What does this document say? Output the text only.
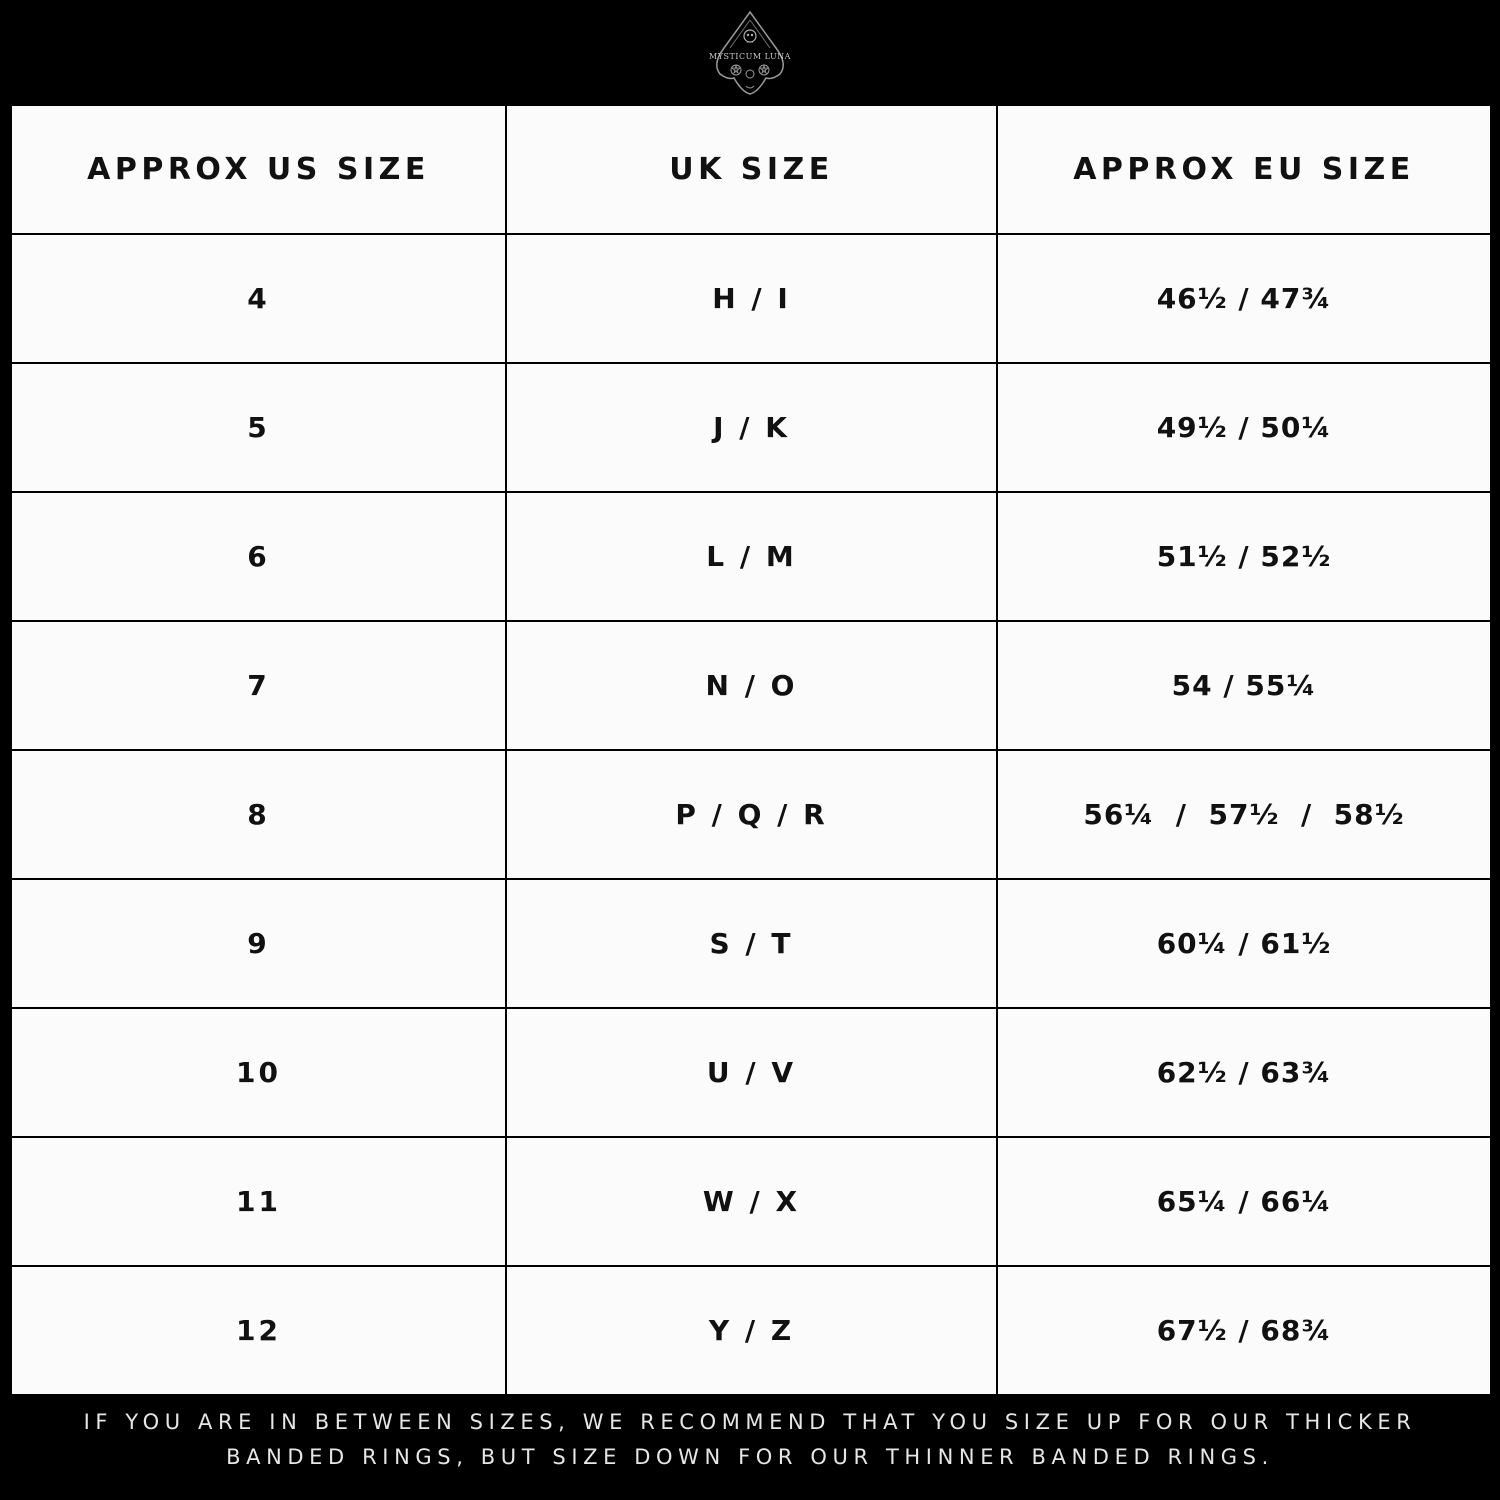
MYSTICUM LUNA
APPROX US SIZE	UK SIZE	APPROX EU SIZE
4	H / I	46½ / 47¾
5	J / K	49½ / 50¼
6	L / M	51½ / 52½
7	N / O	54 / 55¼
8	P / Q / R	56¼  /  57½  /  58½
9	S / T	60¼ / 61½
10	U / V	62½ / 63¾
11	W / X	65¼ / 66¼
12	Y / Z	67½ / 68¾
IF YOU ARE IN BETWEEN SIZES, WE RECOMMEND THAT YOU SIZE UP FOR OUR THICKER
BANDED RINGS, BUT SIZE DOWN FOR OUR THINNER BANDED RINGS.
